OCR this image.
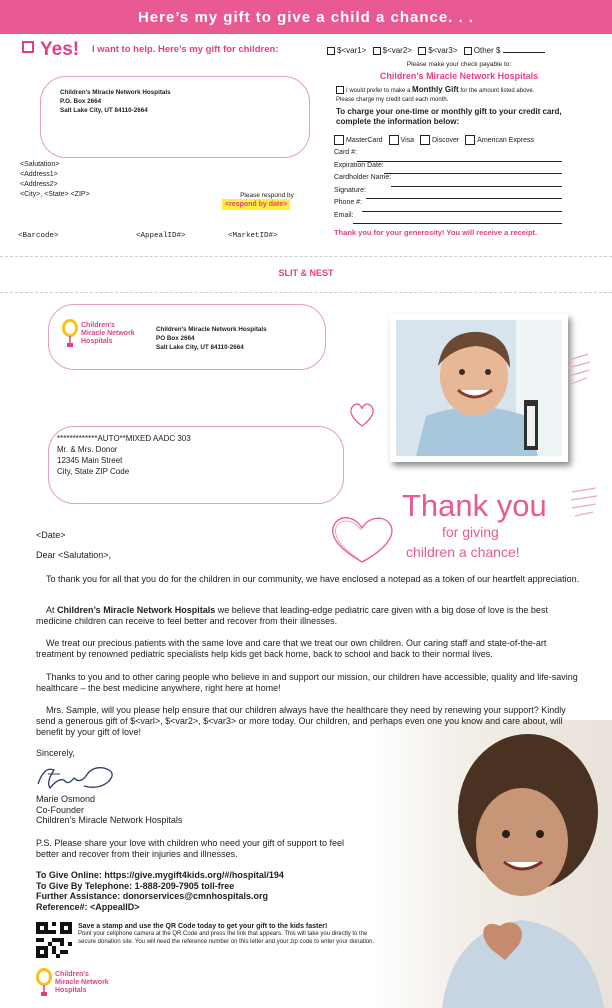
Here’s my gift to give a child a chance. . .
Yes! I want to help. Here’s my gift for children:	$<var1> $<var2> $<var3> Other $
Children's Miracle Network Hospitals
P.O. Box 2664
Salt Lake City, UT 84110-2664
<Salutation>
<Address1>
<Address2>
<City>, <State> <ZIP>	Please respond by
<respond by date>
<Barcode>	<AppealID#>	<MarketID#>
Please make your check payable to:
Children’s Miracle Network Hospitals
I would prefer to make a Monthly Gift for the amount listed above.
Please charge my credit card each month.
To charge your one-time or monthly gift to your credit card,
complete the information below:
MasterCard	Visa	Discover	American Express
Card #:
Expiration Date:
Cardholder Name:
Signature:
Phone #:
Email:
Thank you for your generosity! You will receive a receipt.
SLIT & NEST
Children's
Miracle Network
Hospitals
Children's Miracle Network Hospitals
PO Box 2664
Salt Lake City, UT 84110-2664
*************AUTO**MIXED AADC 303
Mr. & Mrs. Donor
12345 Main Street
City, State ZIP Code
Thank you
for giving
children a chance!
<Date>
Dear <Salutation>,
To thank you for all that you do for the children in our community, we have enclosed a notepad as a token of our heartfelt appreciation.
At Children’s Miracle Network Hospitals we believe that leading-edge pediatric care given with a big dose of love is the best medicine children can receive to feel better and recover from their illnesses.
We treat our precious patients with the same love and care that we treat our own children. Our caring staff and state-of-the-art treatment by renowned pediatric specialists help kids get back home, back to school and back to their normal lives.
Thanks to you and to other caring people who believe in and support our mission, our children have accessible, quality and life-saving healthcare – the best medicine anywhere, right here at home!
Mrs. Sample, will you please help ensure that our children always have the healthcare they need by renewing your support? Kindly send a generous gift of $<varl>, $<var2>, $<var3> or more today. Our children, and perhaps even one you know and care about, will benefit by your gift of love!
Sincerely,
Marie Osmond
Co-Founder
Children’s Miracle Network Hospitals
P.S. Please share your love with children who need your gift of support to feel better and recover from their injuries and illnesses.
To Give Online: https://give.mygift4kids.org/#/hospital/194
To Give By Telephone: 1-888-209-7905 toll-free
Further Assistance: donorservices@cmnhospitals.org
Reference#: <AppealID>
Save a stamp and use the QR Code today to get your gift to the kids faster!
Point your cellphone camera at the QR Code and press the link that appears. This will take you directly to the secure donation site. You will need the reference number on this letter and your zip code to enter your donation.
Children's
Miracle Network
Hospitals
